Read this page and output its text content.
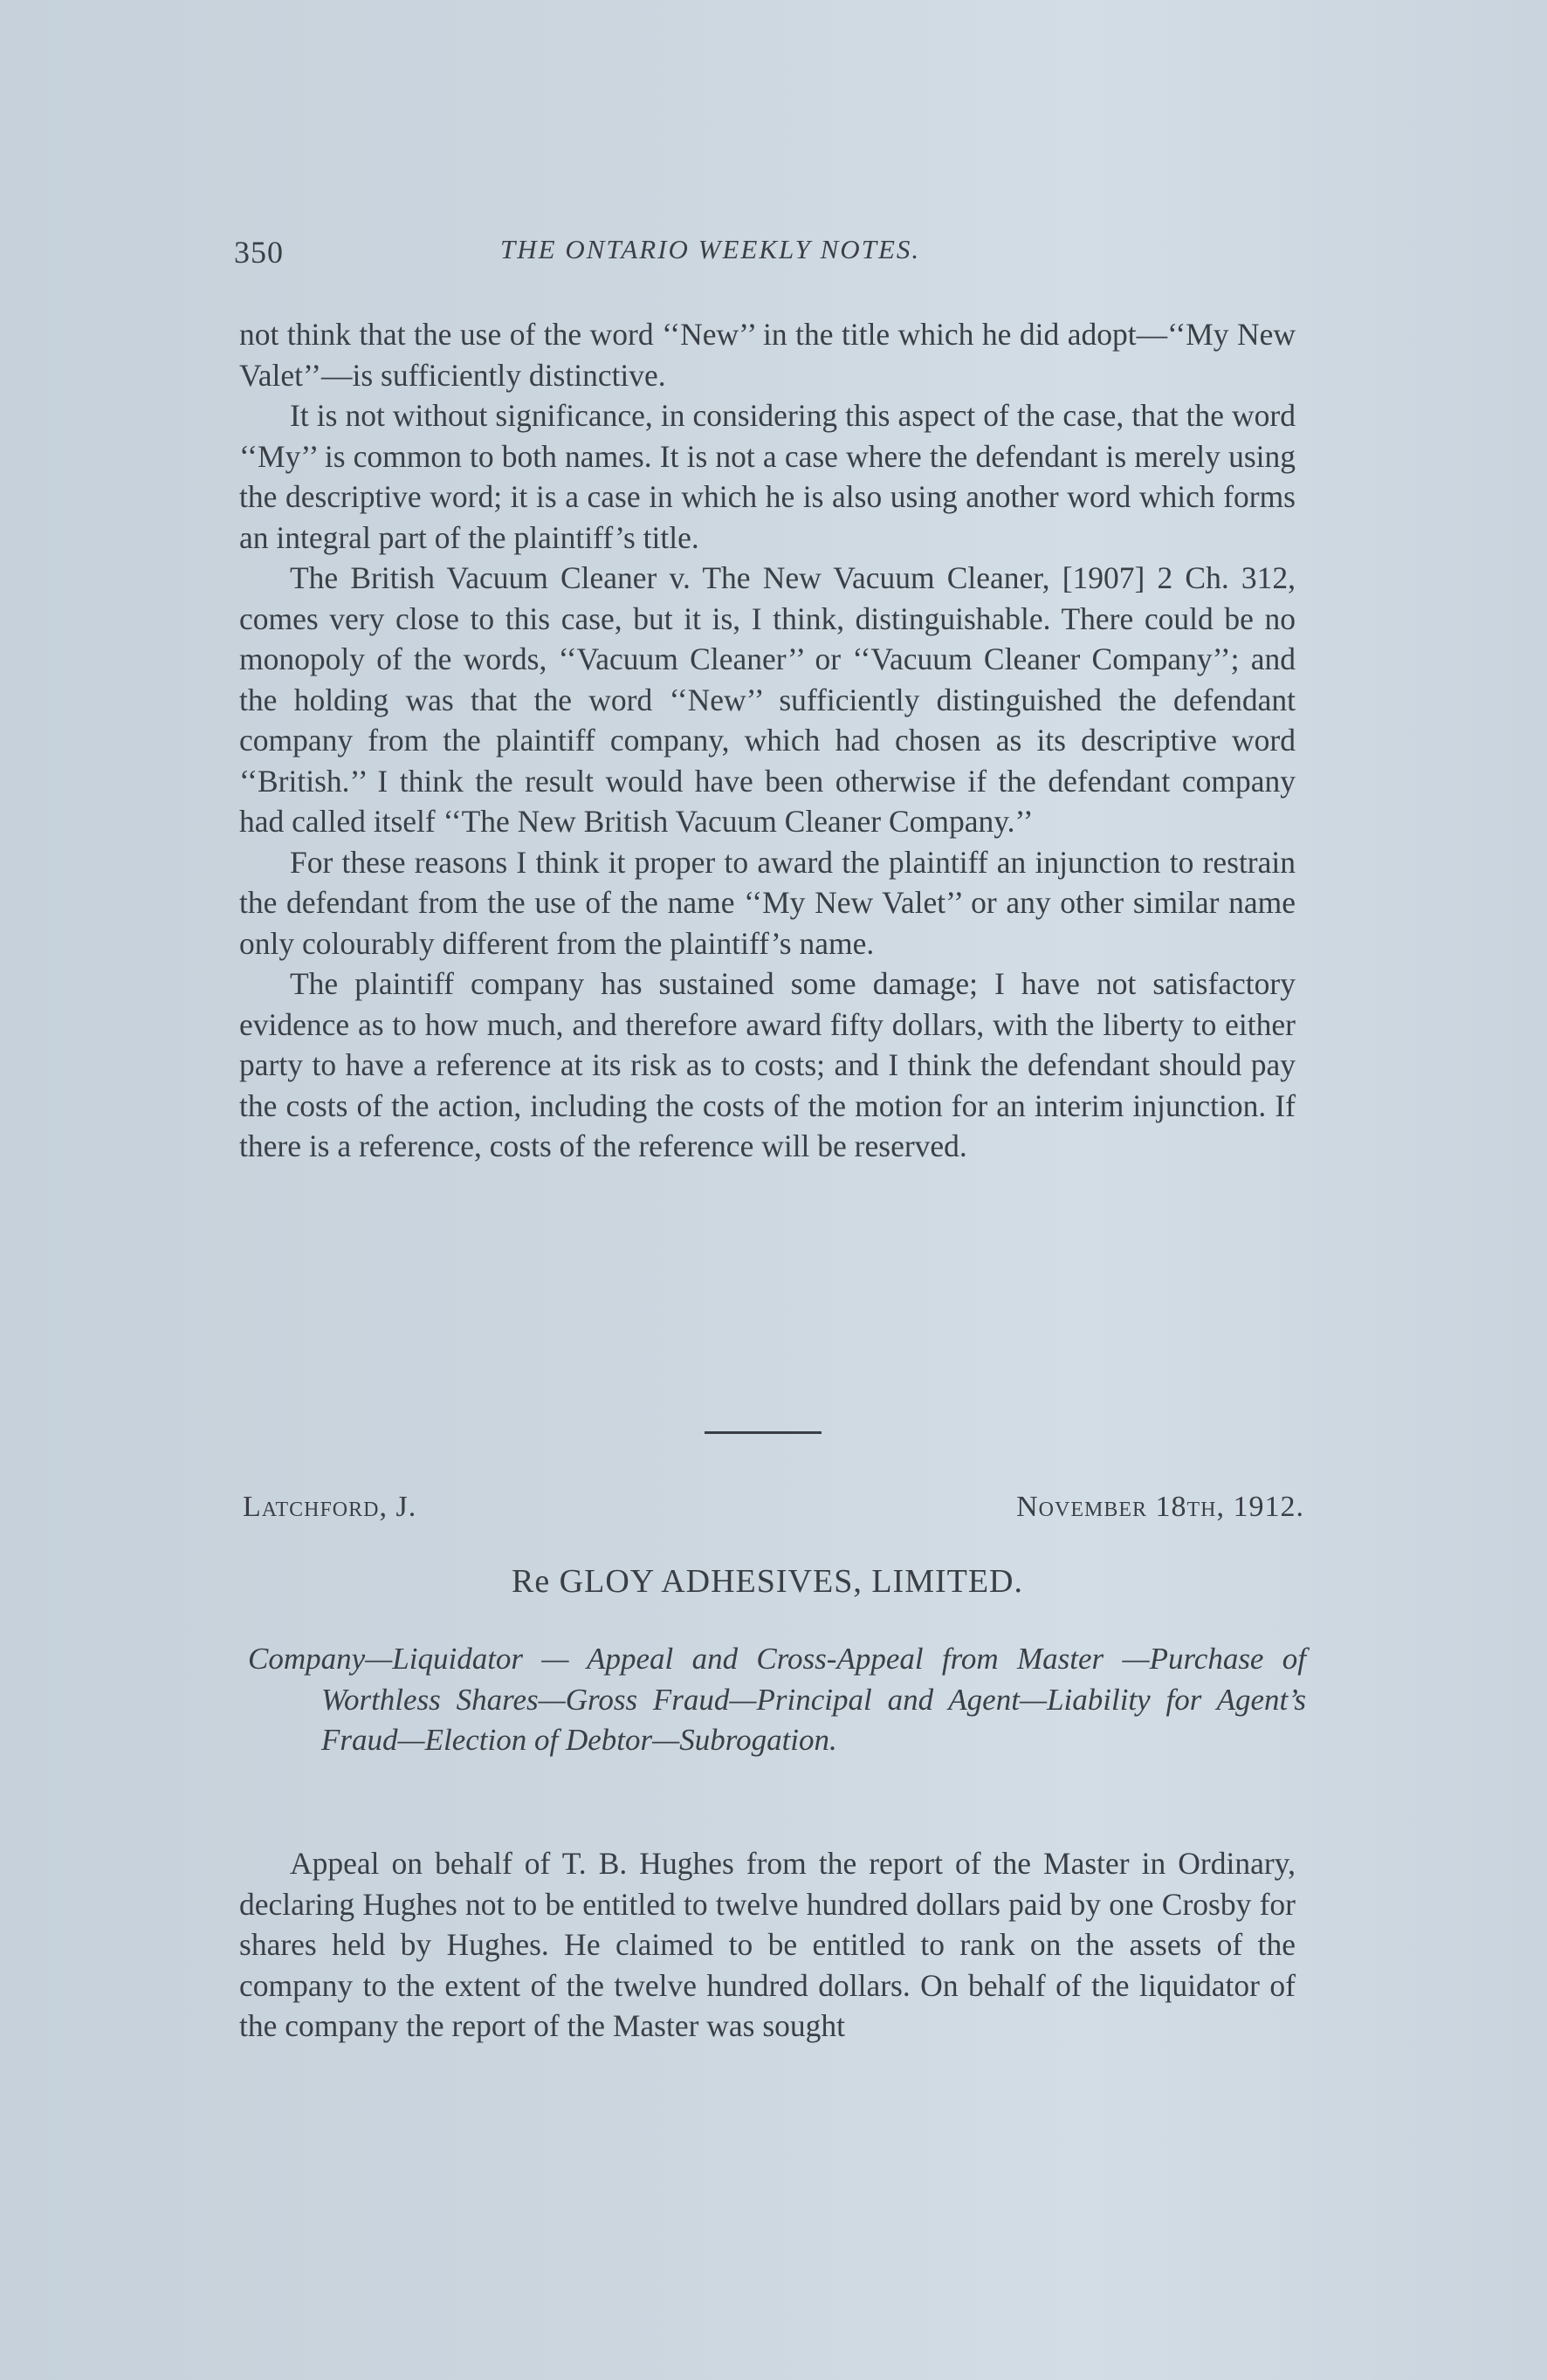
350	THE ONTARIO WEEKLY NOTES.

not think that the use of the word ‘‘New’’ in the title which he did adopt—‘‘My New Valet’’—is sufficiently distinctive.

It is not without significance, in considering this aspect of the case, that the word ‘‘My’’ is common to both names. It is not a case where the defendant is merely using the descriptive word; it is a case in which he is also using another word which forms an integral part of the plaintiff’s title.

The British Vacuum Cleaner v. The New Vacuum Cleaner, [1907] 2 Ch. 312, comes very close to this case, but it is, I think, distinguishable. There could be no monopoly of the words, ‘‘Vacuum Cleaner’’ or ‘‘Vacuum Cleaner Company’’; and the holding was that the word ‘‘New’’ sufficiently distinguished the defendant company from the plaintiff company, which had chosen as its descriptive word ‘‘British.’’ I think the result would have been otherwise if the defendant company had called itself ‘‘The New British Vacuum Cleaner Company.’’

For these reasons I think it proper to award the plaintiff an injunction to restrain the defendant from the use of the name ‘‘My New Valet’’ or any other similar name only colourably different from the plaintiff’s name.

The plaintiff company has sustained some damage; I have not satisfactory evidence as to how much, and therefore award fifty dollars, with the liberty to either party to have a reference at its risk as to costs; and I think the defendant should pay the costs of the action, including the costs of the motion for an interim injunction. If there is a reference, costs of the reference will be reserved.

Latchford, J.	November 18th, 1912.
Re GLOY ADHESIVES, LIMITED.
Company—Liquidator — Appeal and Cross-Appeal from Master —Purchase of Worthless Shares—Gross Fraud—Principal and Agent—Liability for Agent’s Fraud—Election of Debtor—Subrogation.

Appeal on behalf of T. B. Hughes from the report of the Master in Ordinary, declaring Hughes not to be entitled to twelve hundred dollars paid by one Crosby for shares held by Hughes. He claimed to be entitled to rank on the assets of the company to the extent of the twelve hundred dollars. On behalf of the liquidator of the company the report of the Master was sought
